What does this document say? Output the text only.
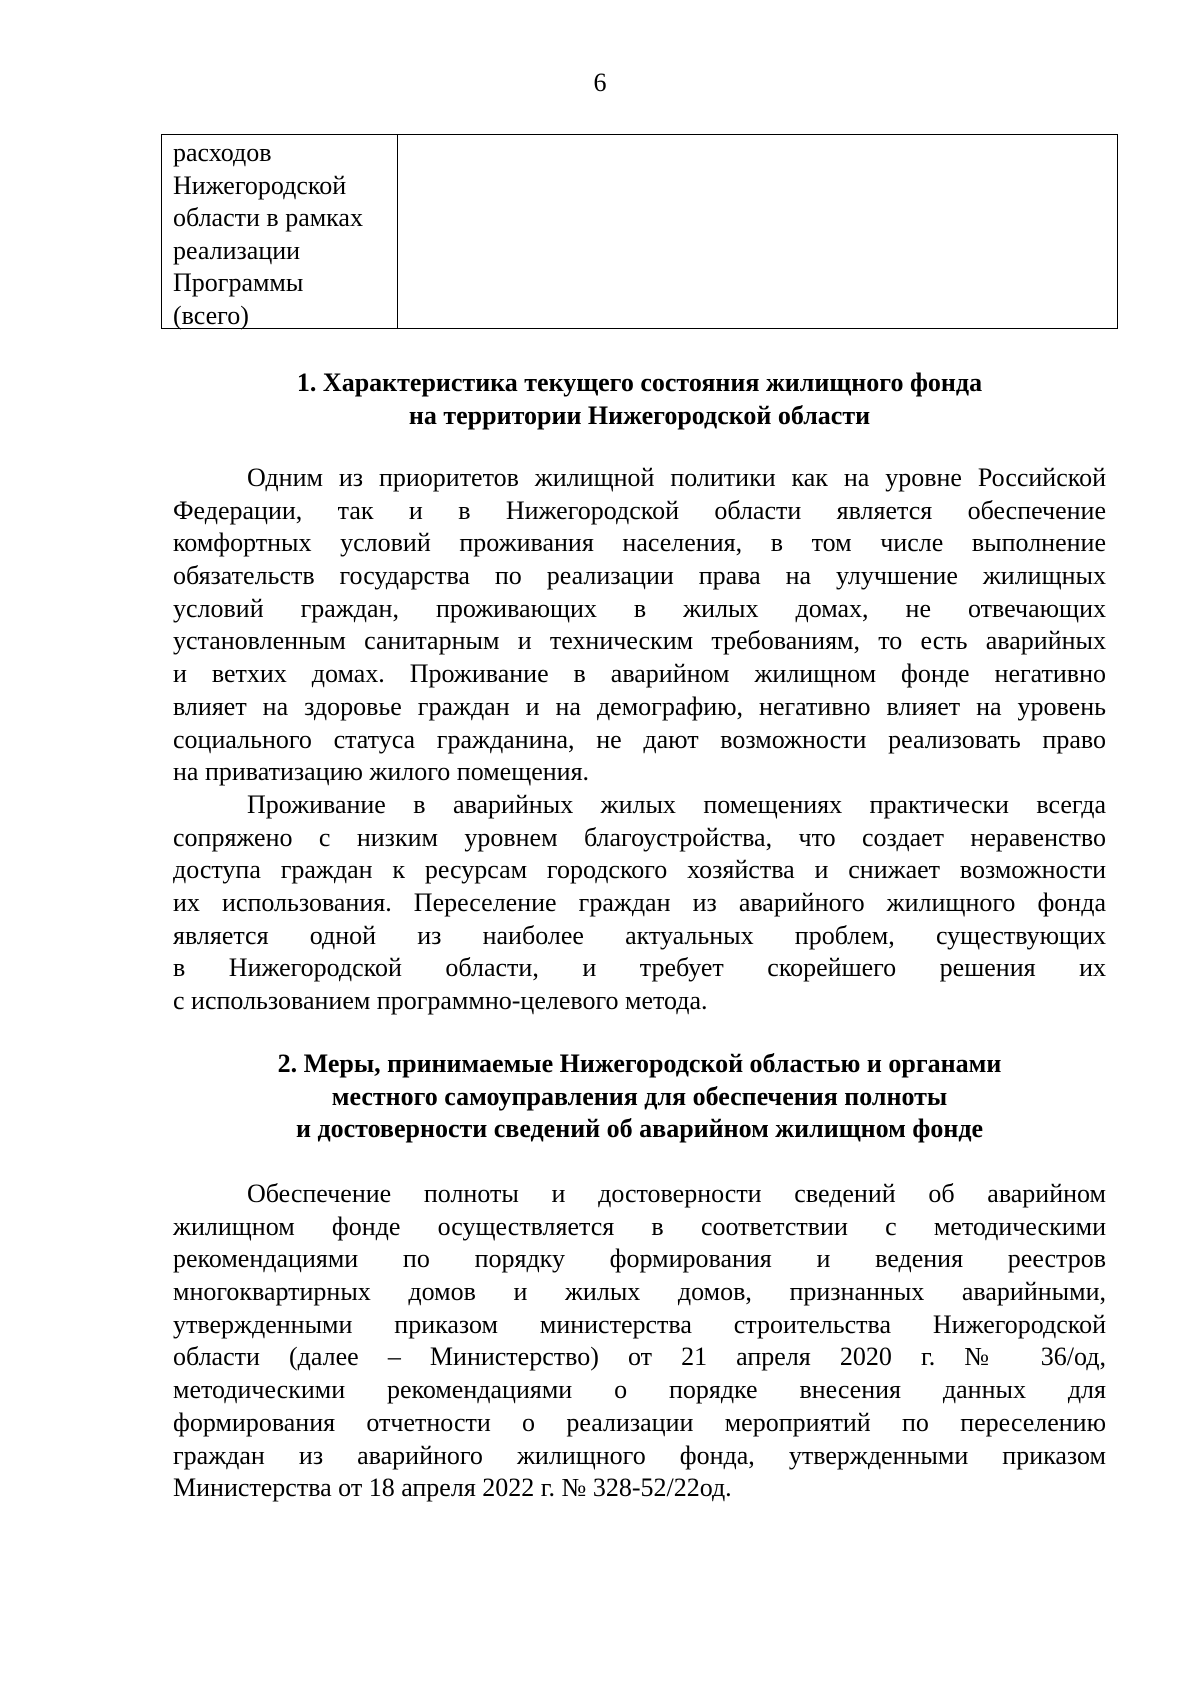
6
расходов
Нижегородской
области в рамках
реализации
Программы
(всего)
1. Характеристика текущего состояния жилищного фонда
на территории Нижегородской области
Одним из приоритетов жилищной политики как на уровне Российской
Федерации, так и в Нижегородской области является обеспечение
комфортных условий проживания населения, в том числе выполнение
обязательств государства по реализации права на улучшение жилищных
условий граждан, проживающих в жилых домах, не отвечающих
установленным санитарным и техническим требованиям, то есть аварийных
и ветхих домах. Проживание в аварийном жилищном фонде негативно
влияет на здоровье граждан и на демографию, негативно влияет на уровень
социального статуса гражданина, не дают возможности реализовать право
на приватизацию жилого помещения.
Проживание в аварийных жилых помещениях практически всегда
сопряжено с низким уровнем благоустройства, что создает неравенство
доступа граждан к ресурсам городского хозяйства и снижает возможности
их использования. Переселение граждан из аварийного жилищного фонда
является одной из наиболее актуальных проблем, существующих
в Нижегородской области, и требует скорейшего решения их
с использованием программно-целевого метода.
2. Меры, принимаемые Нижегородской областью и органами
местного самоуправления для обеспечения полноты
и достоверности сведений об аварийном жилищном фонде
Обеспечение полноты и достоверности сведений об аварийном
жилищном фонде осуществляется в соответствии с методическими
рекомендациями по порядку формирования и ведения реестров
многоквартирных домов и жилых домов, признанных аварийными,
утвержденными приказом министерства строительства Нижегородской
области (далее – Министерство) от 21 апреля 2020 г. № 36/од,
методическими рекомендациями о порядке внесения данных для
формирования отчетности о реализации мероприятий по переселению
граждан из аварийного жилищного фонда, утвержденными приказом
Министерства от 18 апреля 2022 г. № 328-52/22од.
